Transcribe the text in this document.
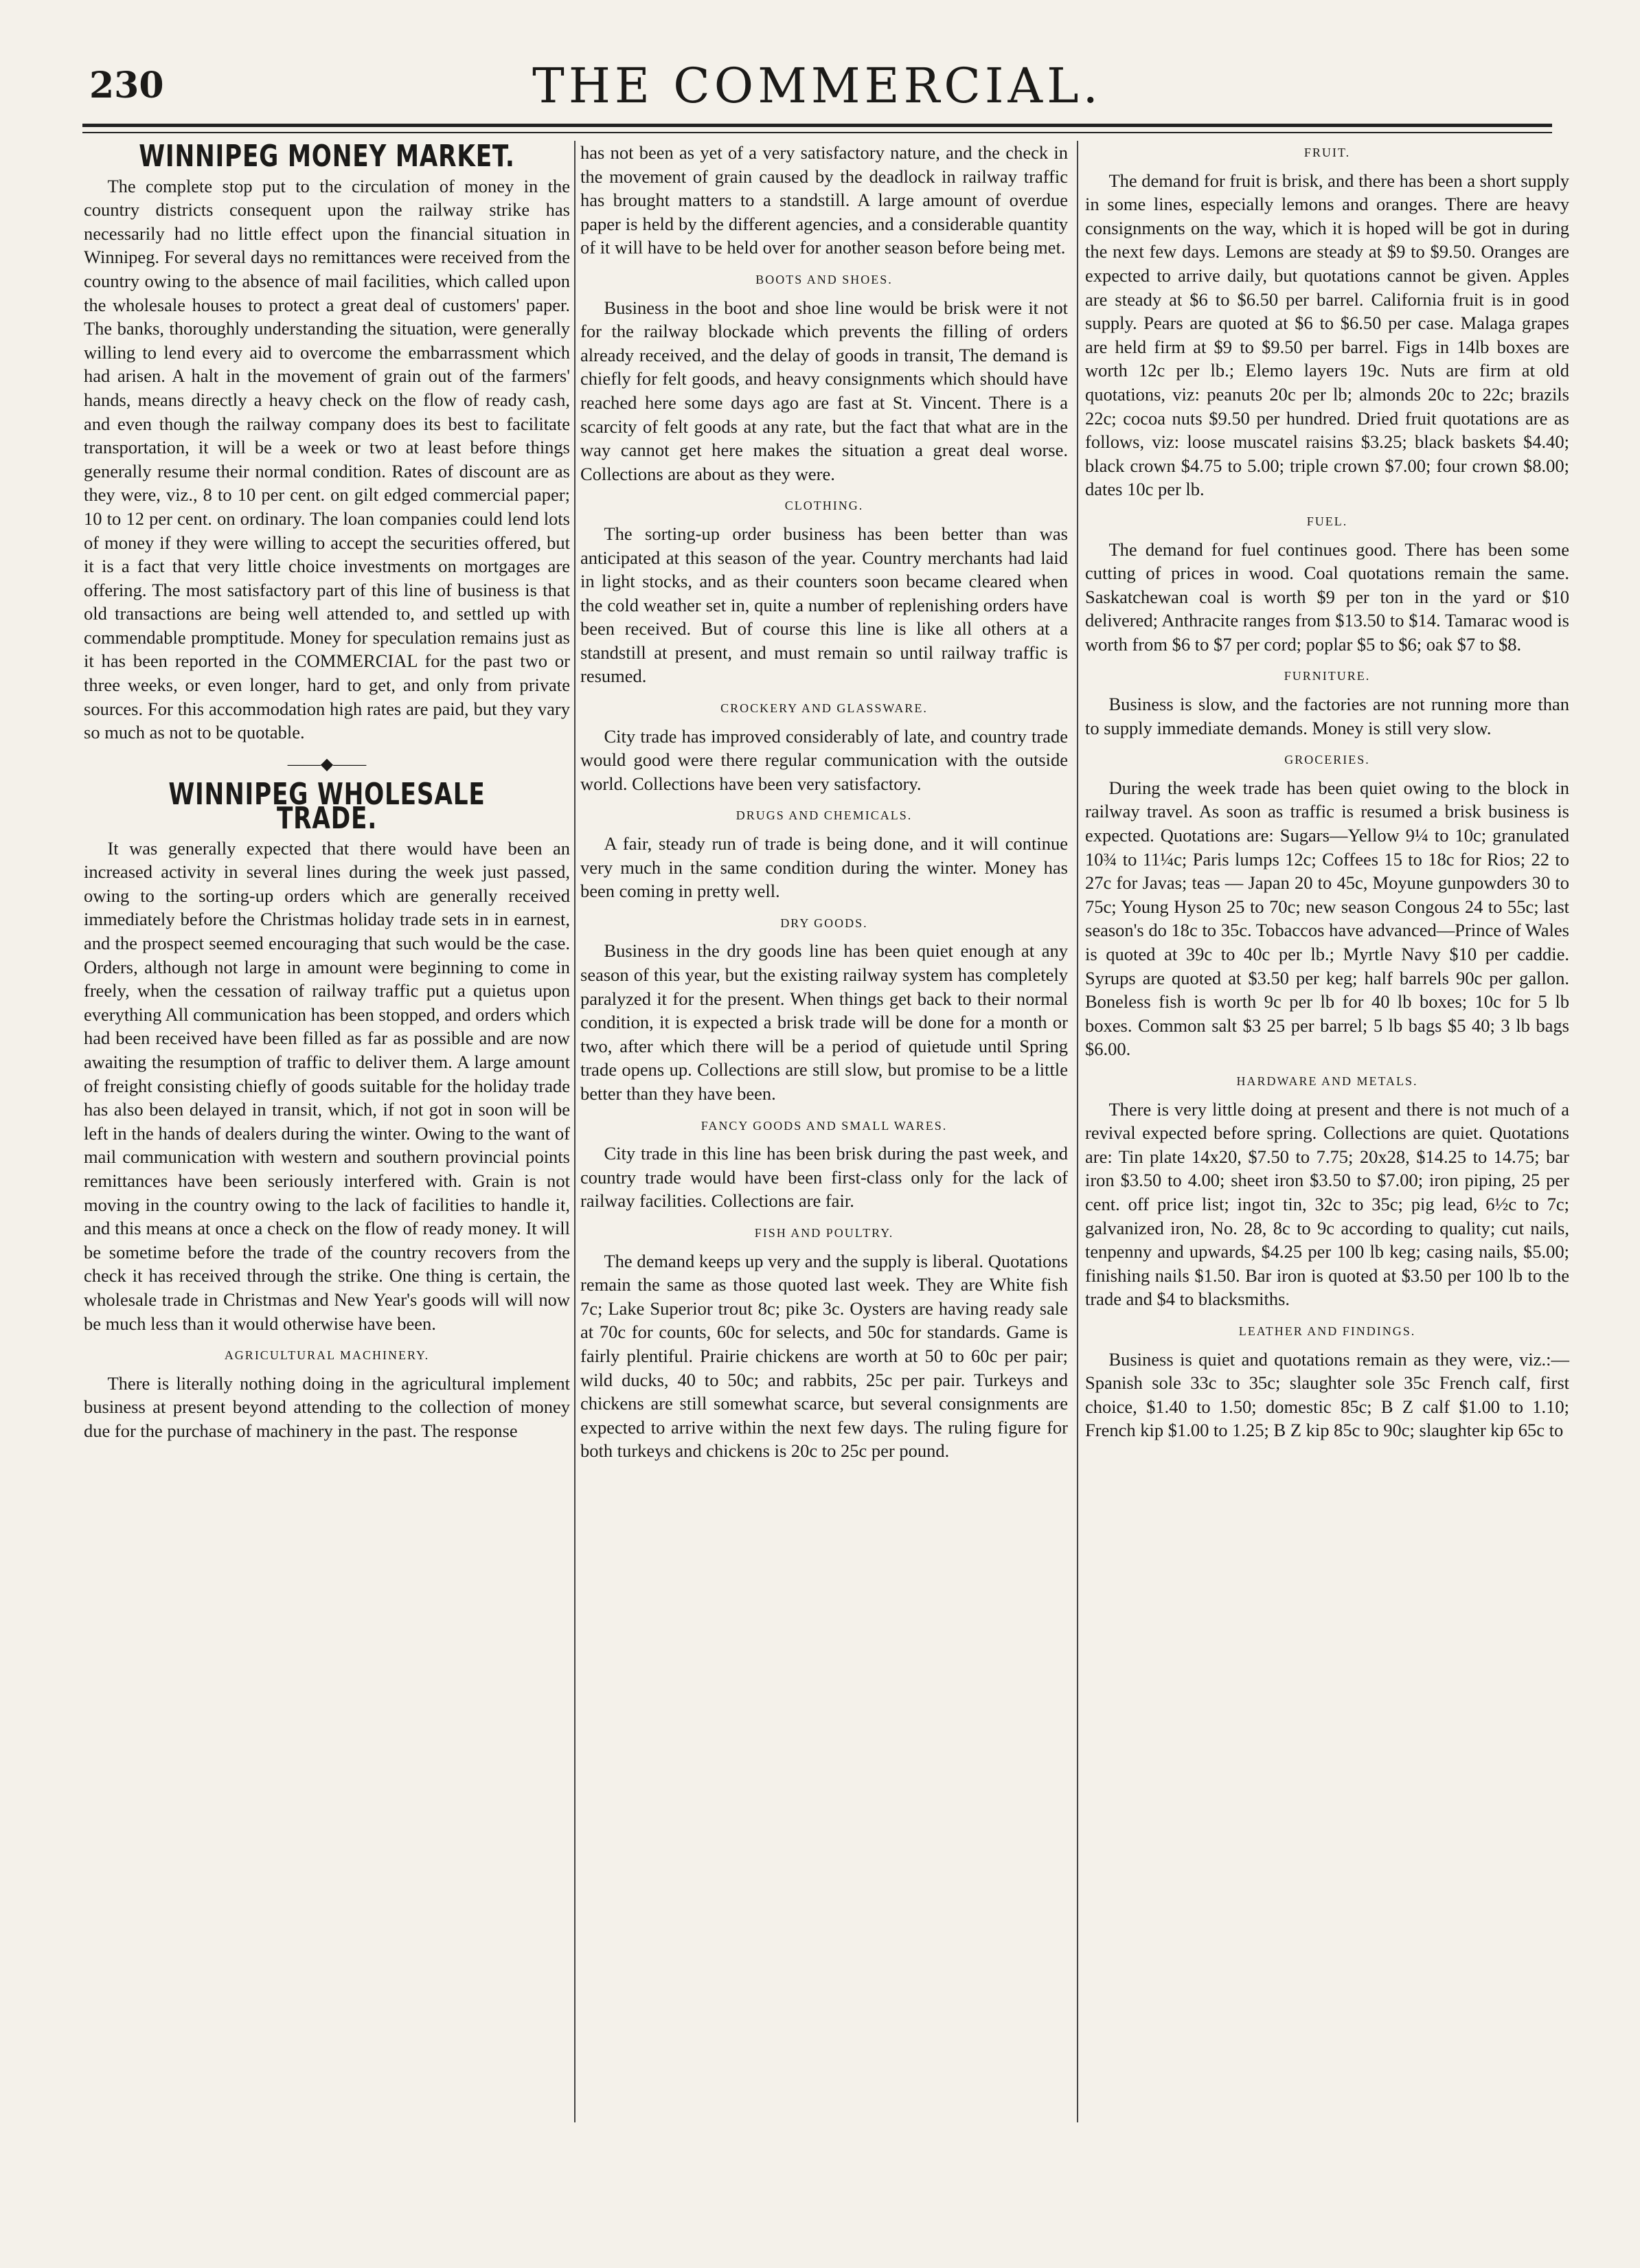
230	THE COMMERCIAL.
WINNIPEG MONEY MARKET.

The complete stop put to the circulation of money in the country districts consequent upon the railway strike has necessarily had no little effect upon the financial situation in Winnipeg. For several days no remittances were received from the country owing to the absence of mail facilities, which called upon the wholesale houses to protect a great deal of customers' paper. The banks, thoroughly understanding the situation, were generally willing to lend every aid to overcome the embarrassment which had arisen. A halt in the movement of grain out of the farmers' hands, means directly a heavy check on the flow of ready cash, and even though the railway company does its best to facilitate transportation, it will be a week or two at least before things generally resume their normal condition. Rates of discount are as they were, viz., 8 to 10 per cent. on gilt edged commercial paper; 10 to 12 per cent. on ordinary. The loan companies could lend lots of money if they were willing to accept the securities offered, but it is a fact that very little choice investments on mortgages are offering. The most satisfactory part of this line of business is that old transactions are being well attended to, and settled up with commendable promptitude. Money for speculation remains just as it has been reported in the COMMERCIAL for the past two or three weeks, or even longer, hard to get, and only from private sources. For this accommodation high rates are paid, but they vary so much as not to be quotable.

——◆——
WINNIPEG WHOLESALE TRADE.

It was generally expected that there would have been an increased activity in several lines during the week just passed, owing to the sorting-up orders which are generally received immediately before the Christmas holiday trade sets in in earnest, and the prospect seemed encouraging that such would be the case. Orders, although not large in amount were beginning to come in freely, when the cessation of railway traffic put a quietus upon everything All communication has been stopped, and orders which had been received have been filled as far as possible and are now awaiting the resumption of traffic to deliver them. A large amount of freight consisting chiefly of goods suitable for the holiday trade has also been delayed in transit, which, if not got in soon will be left in the hands of dealers during the winter. Owing to the want of mail communication with western and southern provincial points remittances have been seriously interfered with. Grain is not moving in the country owing to the lack of facilities to handle it, and this means at once a check on the flow of ready money. It will be sometime before the trade of the country recovers from the check it has received through the strike. One thing is certain, the wholesale trade in Christmas and New Year's goods will will now be much less than it would otherwise have been.

AGRICULTURAL MACHINERY.

There is literally nothing doing in the agricultural implement business at present beyond attending to the collection of money due for the purchase of machinery in the past. The response

has not been as yet of a very satisfactory nature, and the check in the movement of grain caused by the deadlock in railway traffic has brought matters to a standstill. A large amount of overdue paper is held by the different agencies, and a considerable quantity of it will have to be held over for another season before being met.

BOOTS AND SHOES.

Business in the boot and shoe line would be brisk were it not for the railway blockade which prevents the filling of orders already received, and the delay of goods in transit, The demand is chiefly for felt goods, and heavy consignments which should have reached here some days ago are fast at St. Vincent. There is a scarcity of felt goods at any rate, but the fact that what are in the way cannot get here makes the situation a great deal worse. Collections are about as they were.

CLOTHING.

The sorting-up order business has been better than was anticipated at this season of the year. Country merchants had laid in light stocks, and as their counters soon became cleared when the cold weather set in, quite a number of replenishing orders have been received. But of course this line is like all others at a standstill at present, and must remain so until railway traffic is resumed.

CROCKERY AND GLASSWARE.

City trade has improved considerably of late, and country trade would good were there regular communication with the outside world. Collections have been very satisfactory.

DRUGS AND CHEMICALS.

A fair, steady run of trade is being done, and it will continue very much in the same condition during the winter. Money has been coming in pretty well.

DRY GOODS.

Business in the dry goods line has been quiet enough at any season of this year, but the existing railway system has completely paralyzed it for the present. When things get back to their normal condition, it is expected a brisk trade will be done for a month or two, after which there will be a period of quietude until Spring trade opens up. Collections are still slow, but promise to be a little better than they have been.

FANCY GOODS AND SMALL WARES.

City trade in this line has been brisk during the past week, and country trade would have been first-class only for the lack of railway facilities. Collections are fair.

FISH AND POULTRY.

The demand keeps up very and the supply is liberal. Quotations remain the same as those quoted last week. They are White fish 7c; Lake Superior trout 8c; pike 3c. Oysters are having ready sale at 70c for counts, 60c for selects, and 50c for standards. Game is fairly plentiful. Prairie chickens are worth at 50 to 60c per pair; wild ducks, 40 to 50c; and rabbits, 25c per pair. Turkeys and chickens are still somewhat scarce, but several consignments are expected to arrive within the next few days. The ruling figure for both turkeys and chickens is 20c to 25c per pound.

FRUIT.

The demand for fruit is brisk, and there has been a short supply in some lines, especially lemons and oranges. There are heavy consignments on the way, which it is hoped will be got in during the next few days. Lemons are steady at $9 to $9.50. Oranges are expected to arrive daily, but quotations cannot be given. Apples are steady at $6 to $6.50 per barrel. California fruit is in good supply. Pears are quoted at $6 to $6.50 per case. Malaga grapes are held firm at $9 to $9.50 per barrel. Figs in 14lb boxes are worth 12c per lb.; Elemo layers 19c. Nuts are firm at old quotations, viz: peanuts 20c per lb; almonds 20c to 22c; brazils 22c; cocoa nuts $9.50 per hundred. Dried fruit quotations are as follows, viz: loose muscatel raisins $3.25; black baskets $4.40; black crown $4.75 to 5.00; triple crown $7.00; four crown $8.00; dates 10c per lb.

FUEL.

The demand for fuel continues good. There has been some cutting of prices in wood. Coal quotations remain the same. Saskatchewan coal is worth $9 per ton in the yard or $10 delivered; Anthracite ranges from $13.50 to $14. Tamarac wood is worth from $6 to $7 per cord; poplar $5 to $6; oak $7 to $8.

FURNITURE.

Business is slow, and the factories are not running more than to supply immediate demands. Money is still very slow.

GROCERIES.

During the week trade has been quiet owing to the block in railway travel. As soon as traffic is resumed a brisk business is expected. Quotations are: Sugars—Yellow 9¼ to 10c; granulated 10¾ to 11¼c; Paris lumps 12c; Coffees 15 to 18c for Rios; 22 to 27c for Javas; teas — Japan 20 to 45c, Moyune gunpowders 30 to 75c; Young Hyson 25 to 70c; new season Congous 24 to 55c; last season's do 18c to 35c. Tobaccos have advanced—Prince of Wales is quoted at 39c to 40c per lb.; Myrtle Navy $10 per caddie. Syrups are quoted at $3.50 per keg; half barrels 90c per gallon. Boneless fish is worth 9c per lb for 40 lb boxes; 10c for 5 lb boxes. Common salt $3 25 per barrel; 5 lb bags $5 40; 3 lb bags $6.00.

HARDWARE AND METALS.

There is very little doing at present and there is not much of a revival expected before spring. Collections are quiet. Quotations are: Tin plate 14x20, $7.50 to 7.75; 20x28, $14.25 to 14.75; bar iron $3.50 to 4.00; sheet iron $3.50 to $7.00; iron piping, 25 per cent. off price list; ingot tin, 32c to 35c; pig lead, 6½c to 7c; galvanized iron, No. 28, 8c to 9c according to quality; cut nails, tenpenny and upwards, $4.25 per 100 lb keg; casing nails, $5.00; finishing nails $1.50. Bar iron is quoted at $3.50 per 100 lb to the trade and $4 to blacksmiths.

LEATHER AND FINDINGS.

Business is quiet and quotations remain as they were, viz.:—Spanish sole 33c to 35c; slaughter sole 35c French calf, first choice, $1.40 to 1.50; domestic 85c; B Z calf $1.00 to 1.10; French kip $1.00 to 1.25; B Z kip 85c to 90c; slaughter kip 65c to
